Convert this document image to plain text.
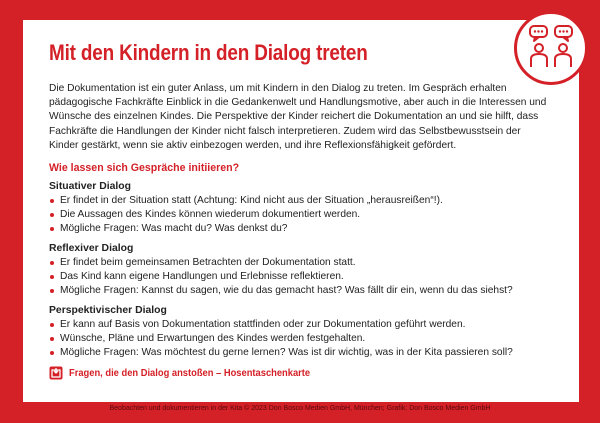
Mit den Kindern in den Dialog treten

Die Dokumentation ist ein guter Anlass, um mit Kindern in den Dialog zu treten. Im Gespräch erhalten pädagogische Fachkräfte Einblick in die Gedankenwelt und Handlungsmotive, aber auch in die Interessen und Wünsche des einzelnen Kindes. Die Perspektive der Kinder reichert die Dokumentation an und sie hilft, dass Fachkräfte die Handlungen der Kinder nicht falsch interpretieren. Zudem wird das Selbstbewusstsein der Kinder gestärkt, wenn sie aktiv einbezogen werden, und ihre Reflexionsfähigkeit gefördert.

Wie lassen sich Gespräche initiieren?

Situativer Dialog
Er findet in der Situation statt (Achtung: Kind nicht aus der Situation „herausreißen“!).
Die Aussagen des Kindes können wiederum dokumentiert werden.
Mögliche Fragen: Was macht du? Was denkst du?
Reflexiver Dialog
Er findet beim gemeinsamen Betrachten der Dokumentation statt.
Das Kind kann eigene Handlungen und Erlebnisse reflektieren.
Mögliche Fragen: Kannst du sagen, wie du das gemacht hast? Was fällt dir ein, wenn du das siehst?
Perspektivischer Dialog
Er kann auf Basis von Dokumentation stattfinden oder zur Dokumentation geführt werden.
Wünsche, Pläne und Erwartungen des Kindes werden festgehalten.
Mögliche Fragen: Was möchtest du gerne lernen? Was ist dir wichtig, was in der Kita passieren soll?
Fragen, die den Dialog anstoßen – Hosentaschenkarte

Beobachten und dokumentieren in der Kita © 2023 Don Bosco Medien GmbH, München; Grafik: Don Bosco Medien GmbH
